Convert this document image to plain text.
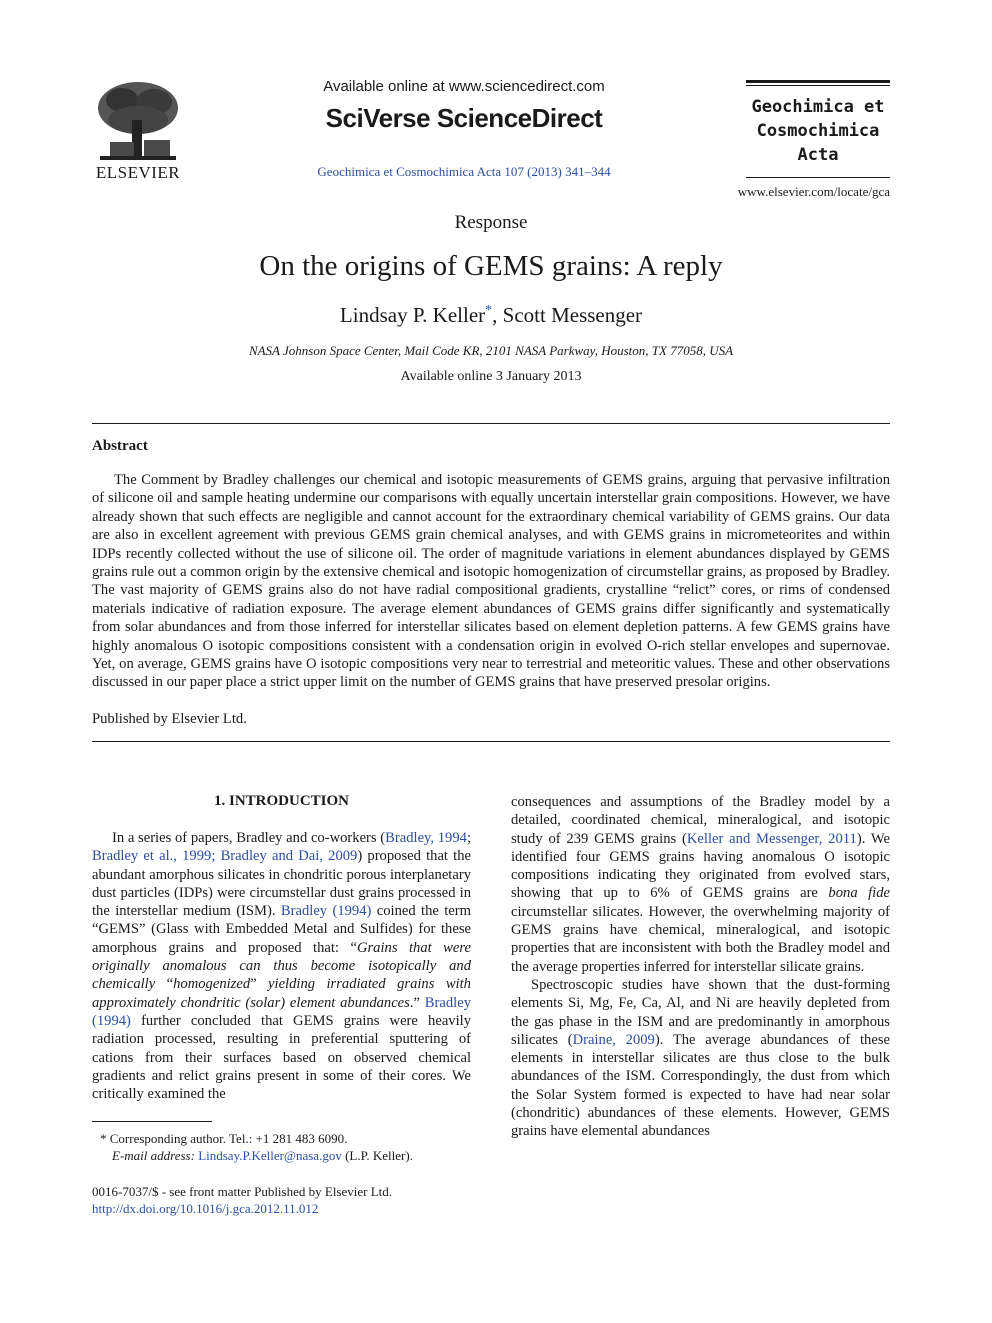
ELSEVIER
Available online at www.sciencedirect.com
SciVerse ScienceDirect
Geochimica et Cosmochimica Acta 107 (2013) 341–344
Geochimica et
Cosmochimica
Acta
www.elsevier.com/locate/gca
Response
On the origins of GEMS grains: A reply
Lindsay P. Keller*, Scott Messenger
NASA Johnson Space Center, Mail Code KR, 2101 NASA Parkway, Houston, TX 77058, USA
Available online 3 January 2013
Abstract
The Comment by Bradley challenges our chemical and isotopic measurements of GEMS grains, arguing that pervasive infiltration of silicone oil and sample heating undermine our comparisons with equally uncertain interstellar grain compositions. However, we have already shown that such effects are negligible and cannot account for the extraordinary chemical variability of GEMS grains. Our data are also in excellent agreement with previous GEMS grain chemical analyses, and with GEMS grains in micrometeorites and within IDPs recently collected without the use of silicone oil. The order of magnitude variations in element abundances displayed by GEMS grains rule out a common origin by the extensive chemical and isotopic homogenization of circumstellar grains, as proposed by Bradley. The vast majority of GEMS grains also do not have radial compositional gradients, crystalline “relict” cores, or rims of condensed materials indicative of radiation exposure. The average element abundances of GEMS grains differ significantly and systematically from solar abundances and from those inferred for interstellar silicates based on element depletion patterns. A few GEMS grains have highly anomalous O isotopic compositions consistent with a condensation origin in evolved O-rich stellar envelopes and supernovae. Yet, on average, GEMS grains have O isotopic compositions very near to terrestrial and meteoritic values. These and other observations discussed in our paper place a strict upper limit on the number of GEMS grains that have preserved presolar origins.
Published by Elsevier Ltd.
1. INTRODUCTION

In a series of papers, Bradley and co-workers (Bradley, 1994; Bradley et al., 1999; Bradley and Dai, 2009) proposed that the abundant amorphous silicates in chondritic porous interplanetary dust particles (IDPs) were circumstellar dust grains processed in the interstellar medium (ISM). Bradley (1994) coined the term “GEMS” (Glass with Embedded Metal and Sulfides) for these amorphous grains and proposed that: “Grains that were originally anomalous can thus become isotopically and chemically “homogenized” yielding irradiated grains with approximately chondritic (solar) element abundances.” Bradley (1994) further concluded that GEMS grains were heavily radiation processed, resulting in preferential sputtering of cations from their surfaces based on observed chemical gradients and relict grains present in some of their cores. We critically examined the

consequences and assumptions of the Bradley model by a detailed, coordinated chemical, mineralogical, and isotopic study of 239 GEMS grains (Keller and Messenger, 2011). We identified four GEMS grains having anomalous O isotopic compositions indicating they originated from evolved stars, showing that up to 6% of GEMS grains are bona fide circumstellar silicates. However, the overwhelming majority of GEMS grains have chemical, mineralogical, and isotopic properties that are inconsistent with both the Bradley model and the average properties inferred for interstellar silicate grains.

Spectroscopic studies have shown that the dust-forming elements Si, Mg, Fe, Ca, Al, and Ni are heavily depleted from the gas phase in the ISM and are predominantly in amorphous silicates (Draine, 2009). The average abundances of these elements in interstellar silicates are thus close to the bulk abundances of the ISM. Correspondingly, the dust from which the Solar System formed is expected to have had near solar (chondritic) abundances of these elements. However, GEMS grains have elemental abundances

* Corresponding author. Tel.: +1 281 483 6090.
E-mail address: Lindsay.P.Keller@nasa.gov (L.P. Keller).
0016-7037/$ - see front matter Published by Elsevier Ltd.
http://dx.doi.org/10.1016/j.gca.2012.11.012
